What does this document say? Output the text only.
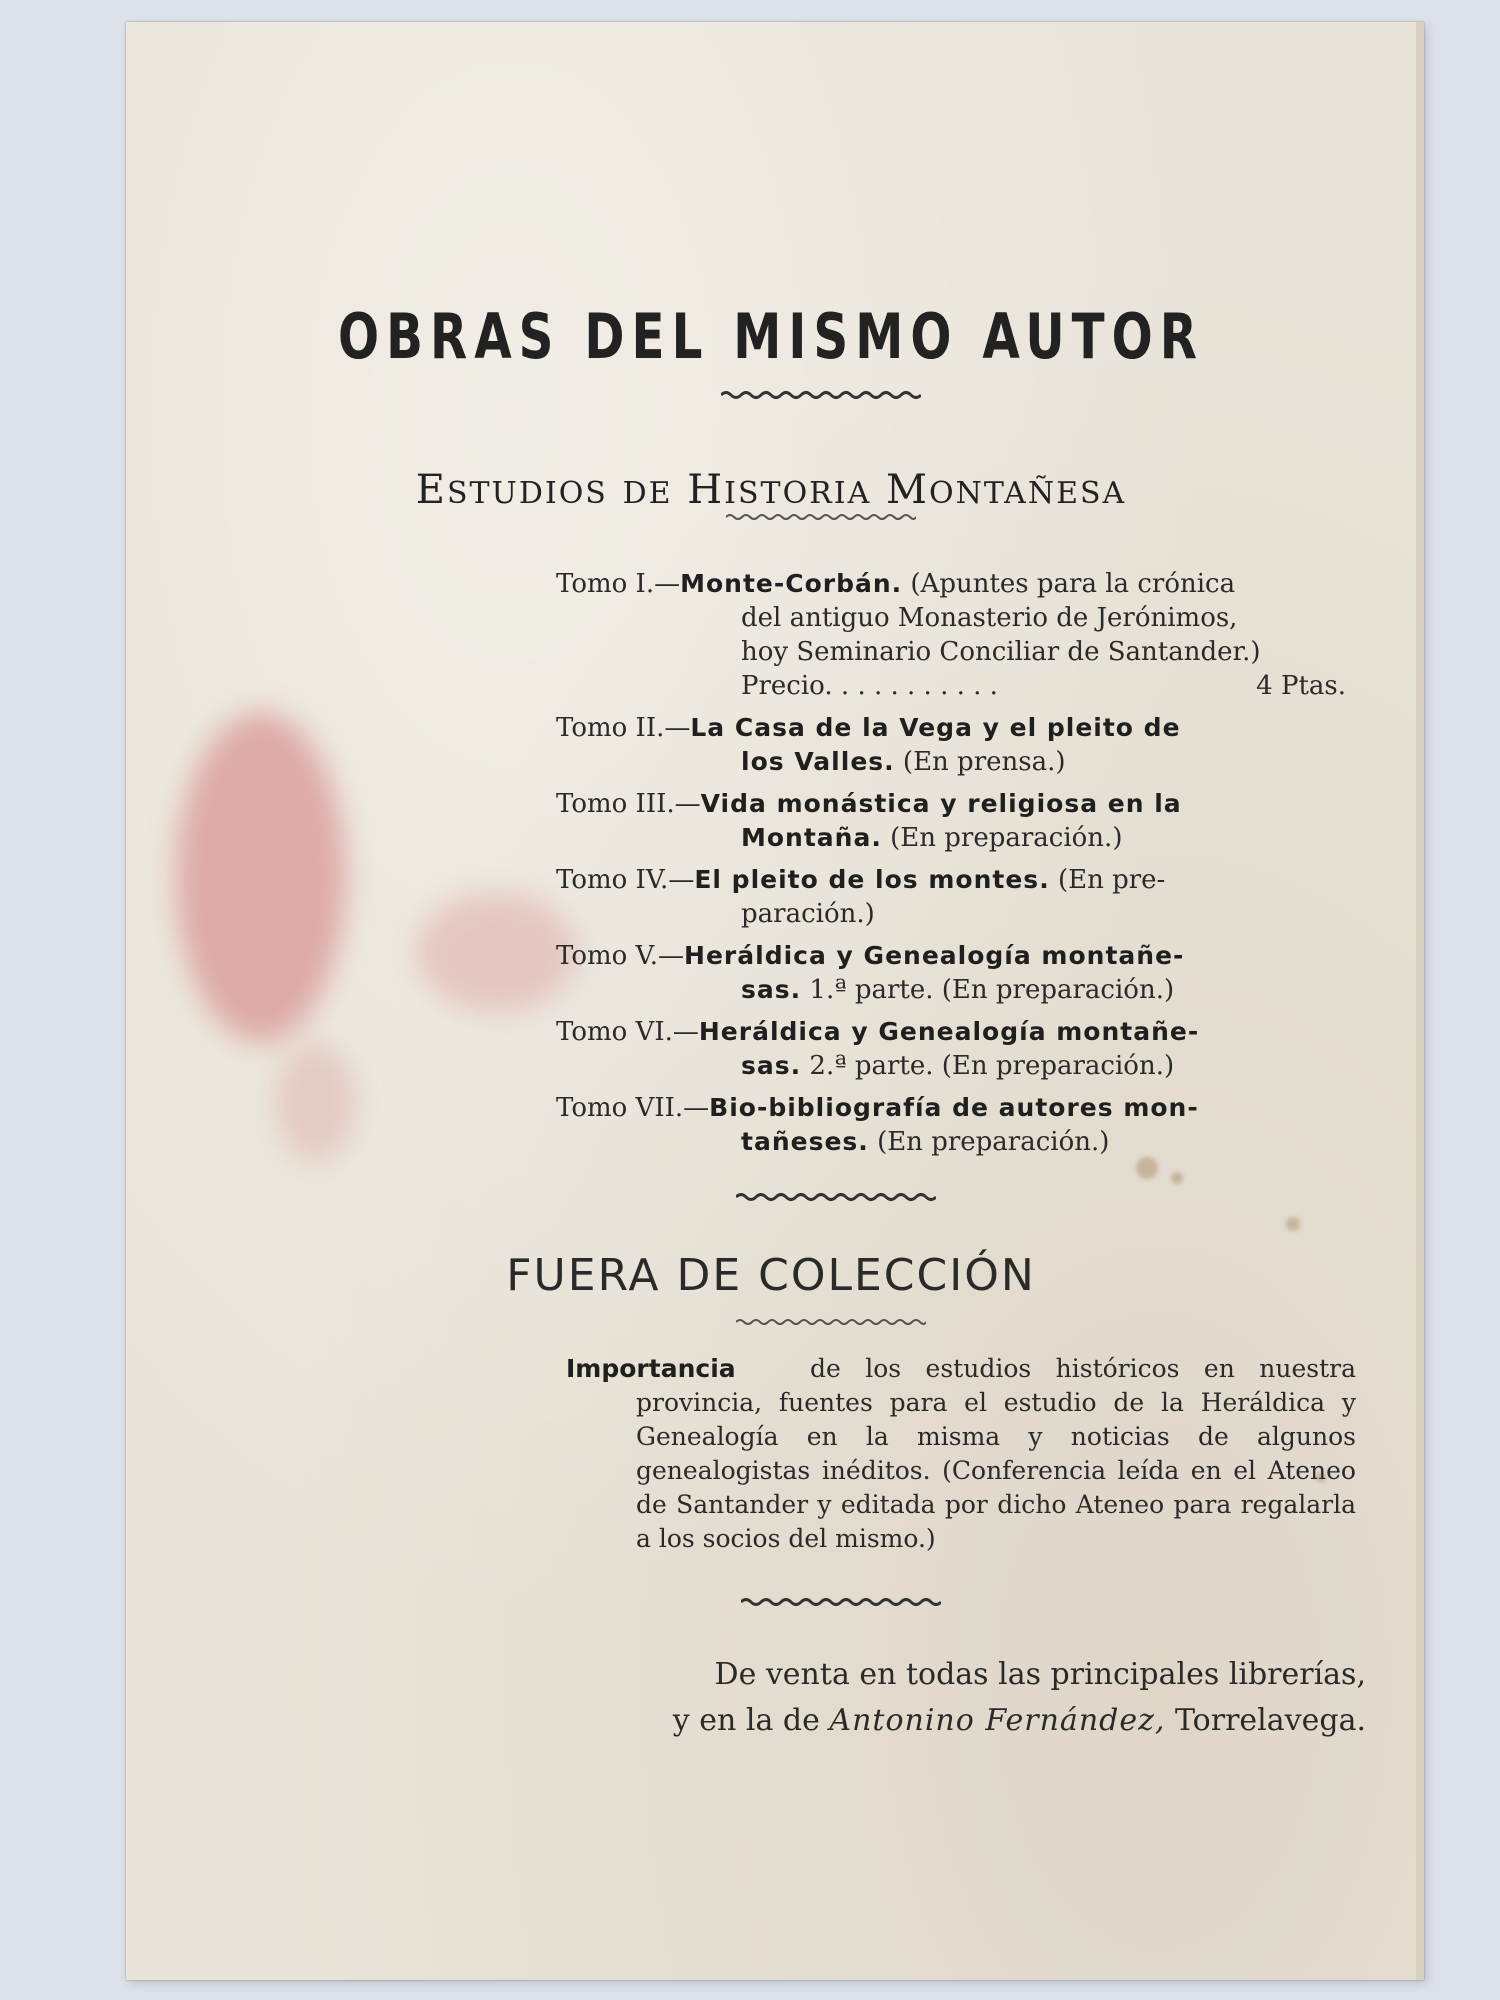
OBRAS DEL MISMO AUTOR
ESTUDIOS DE HISTORIA MONTAÑESA
Tomo I.—Monte-Corbán. (Apuntes para la crónica
del antiguo Monasterio de Jerónimos,
hoy Seminario Conciliar de Santander.)
Precio. . . . . . . . . . .	4 Ptas.
Tomo II.—La Casa de la Vega y el pleito de
los Valles. (En prensa.)
Tomo III.—Vida monástica y religiosa en la
Montaña. (En preparación.)
Tomo IV.—El pleito de los montes. (En pre-
paración.)
Tomo V.—Heráldica y Genealogía montañe-
sas. 1.ª parte. (En preparación.)
Tomo VI.—Heráldica y Genealogía montañe-
sas. 2.ª parte. (En preparación.)
Tomo VII.—Bio-bibliografía de autores mon-
tañeses. (En preparación.)
FUERA DE COLECCIÓN
Importancia	de los estudios históricos en nuestra provincia, fuentes para el estudio de la Heráldica y Genealogía en la misma y noticias de algunos genealogistas inéditos. (Conferencia leída en el Ateneo de Santander y editada por dicho Ateneo para regalarla a los socios del mismo.)
De venta en todas las principales librerías,
y en la de Antonino Fernández, Torrelavega.
